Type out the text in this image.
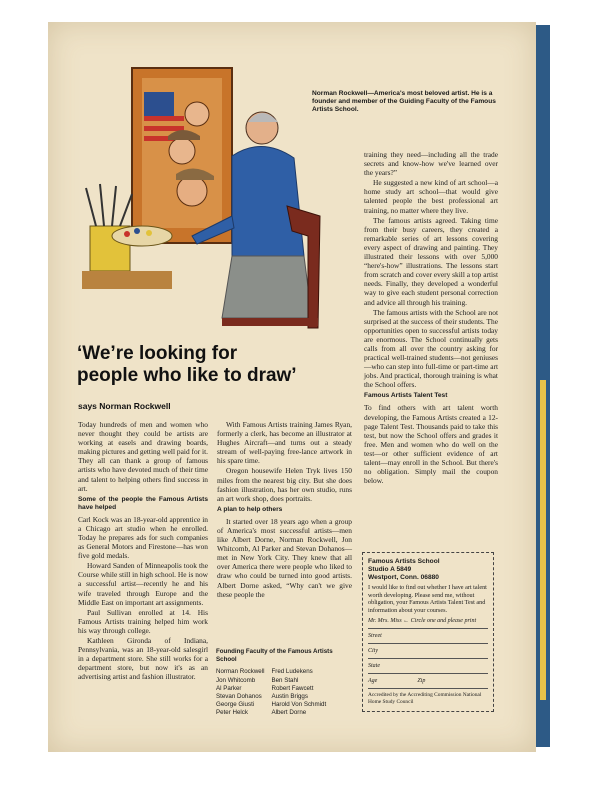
Norman Rockwell—America's most beloved artist. He is a founder and member of the Guiding Faculty of the Famous Artists School.
‘We’re looking for
people who like to draw’
says Norman Rockwell

Today hundreds of men and women who never thought they could be artists are working at easels and drawing boards, making pictures and getting well paid for it. They all can thank a group of famous artists who have devoted much of their time and talent to helping others find success in art.

Some of the people the Famous Artists have helped

Carl Kock was an 18-year-old apprentice in a Chicago art studio when he enrolled. Today he prepares ads for such companies as General Motors and Firestone—has won five gold medals.

Howard Sanden of Minneapolis took the Course while still in high school. He is now a successful artist—recently he and his wife traveled through Europe and the Middle East on important art assignments.

Paul Sullivan enrolled at 14. His Famous Artists training helped him work his way through college.

Kathleen Gironda of Indiana, Pennsylvania, was an 18-year-old salesgirl in a department store. She still works for a department store, but now it's as an advertising artist and fashion illustrator.

With Famous Artists training James Ryan, formerly a clerk, has become an illustrator at Hughes Aircraft—and turns out a steady stream of well-paying free-lance artwork in his spare time.

Oregon housewife Helen Tryk lives 150 miles from the nearest big city. But she does fashion illustration, has her own studio, runs an art work shop, does portraits.

A plan to help others

It started over 18 years ago when a group of America's most successful artists—men like Albert Dorne, Norman Rockwell, Jon Whitcomb, Al Parker and Stevan Dohanos—met in New York City. They knew that all over America there were people who liked to draw who could be turned into good artists. Albert Dorne asked, “Why can't we give these people the

Founding Faculty of the Famous Artists School
Norman Rockwell	Fred Ludekens
Jon Whitcomb	Ben Stahl
Al Parker	Robert Fawcett
Stevan Dohanos	Austin Briggs
George Giusti	Harold Von Schmidt
Peter Helck	Albert Dorne

training they need—including all the trade secrets and know-how we've learned over the years?”

He suggested a new kind of art school—a home study art school—that would give talented people the best professional art training, no matter where they live.

The famous artists agreed. Taking time from their busy careers, they created a remarkable series of art lessons covering every aspect of drawing and painting. They illustrated their lessons with over 5,000 “here's-how” illustrations. The lessons start from scratch and cover every skill a top artist needs. Finally, they developed a wonderful way to give each student personal correction and advice all through his training.

The famous artists with the School are not surprised at the success of their students. The opportunities open to successful artists today are enormous. The School continually gets calls from all over the country asking for practical well-trained students—not geniuses—who can step into full-time or part-time art jobs. And practical, thorough training is what the School offers.

Famous Artists Talent Test

To find others with art talent worth developing, the Famous Artists created a 12-page Talent Test. Thousands paid to take this test, but now the School offers and grades it free. Men and women who do well on the test—or other sufficient evidence of art talent—may enroll in the School. But there's no obligation. Simply mail the coupon below.

Famous Artists School
Studio A 5849
Westport, Conn. 06880
I would like to find out whether I have art talent worth developing. Please send me, without obligation, your Famous Artists Talent Test and information about your courses.
Mr. Mrs. Miss ← Circle one and please print
Street
City
State
Age	Zip
Accredited by the Accrediting Commission National Home Study Council
